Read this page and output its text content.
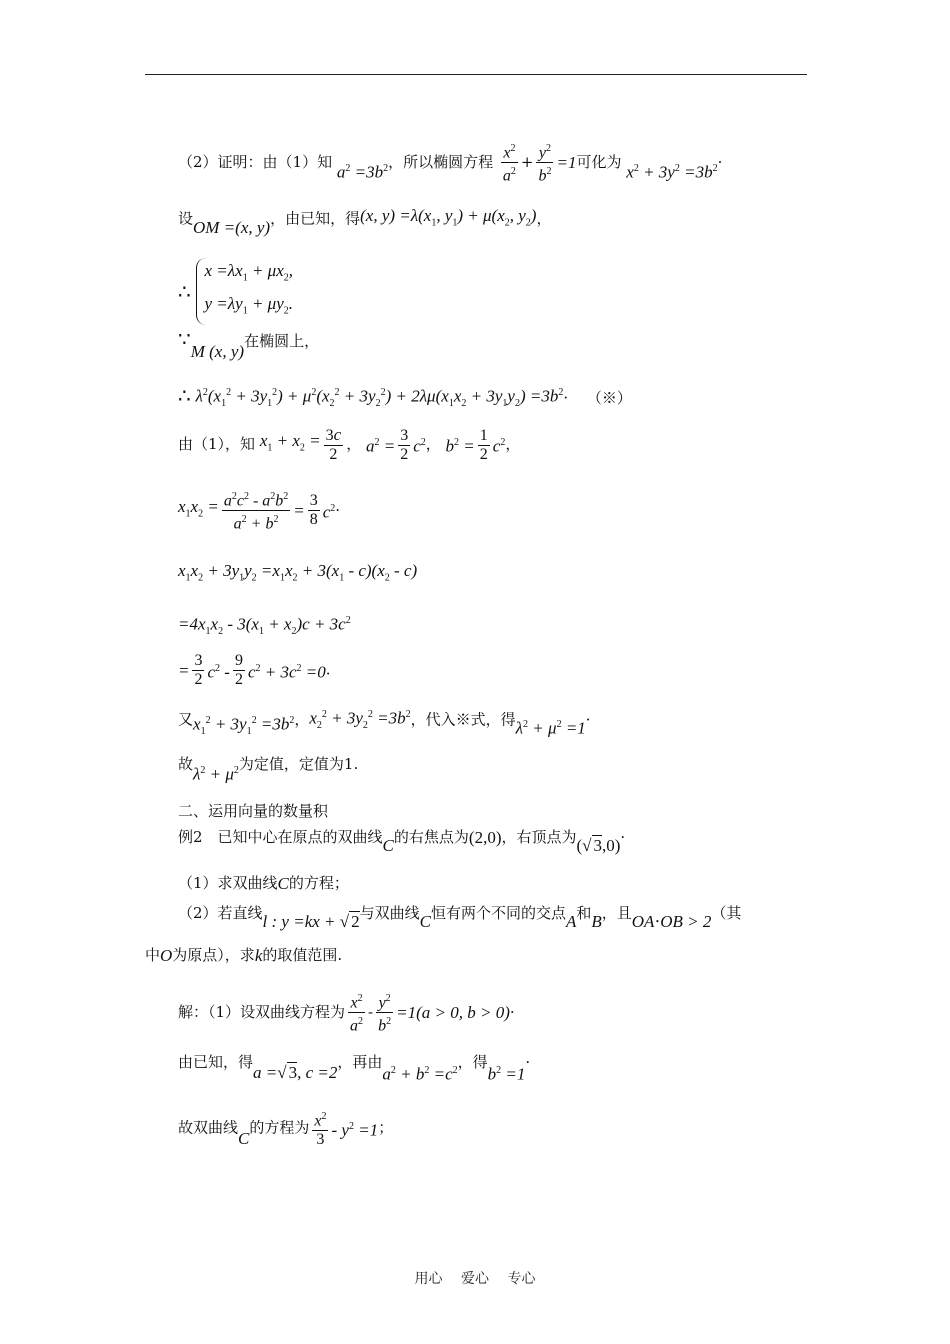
（2）证明：由（1）知 $a^2 =3b^2$，所以椭圆方程 $\frac{x^2}{a^2} + \frac{y^2}{b^2} =1$可化为 $x^2 + 3y^2 =3b^2\cdot$
设OM =(x, y)，由已知，得(x, $y) =\lambda(x_1$, $y_1) + \mu(x_2$, $y_2$)，
∴ $x =\lambda x_1 + \mu x_2$,
$y =\lambda y_1 + \mu y_2$.
∵M (x, y)在椭圆上，
∴ $\lambda^2(x_1^2 + 3y_1^2) + \mu^2(x_2^2 + 3y_2^2) + 2\lambda\mu(x_1x_2 + 3y_1y_2) =3b^2\cdot$ （※）
由（1），知 $x_1 + x_2 = \frac{3c}{2}$ ， $a^2 = \frac{3}{2} c^2$， $b^2 = \frac{1}{2} c^2$，
$x_1x_2 = \frac{a^2c^2 - a^2b^2}{a^2 + b^2} = \frac{3}{8} c^2\cdot$
$x_1x_2 + 3y_1y_2 =x_1x_2 + 3(x_1 - c)(x_2 - c)$
$=4x_1x_2 - 3(x_1 + x_2)c + 3c^2$
= $\frac{3}{2} c^2 - \frac{9}{2} c^2 + 3c^2 =0$.
又$x_1^2 + 3y_1^2 =3b^2$，$x_2^2 + 3y_2^2 =3b^2$，代入※式，得$\lambda^2 + \mu^2 =1\cdot$
故$\lambda^2 + \mu^2$为定值，定值为1.
二、运用向量的数量积
例2　已知中心在原点的双曲线C的右焦点为(2,0)，右顶点为(√ 3,0)·
（1）求双曲线C的方程；
（2）若直线l : y =kx + √ 2与双曲线C恒有两个不同的交点A和B，且OA⋅OB > 2（其
中O为原点），求k的取值范围.
解：（1）设双曲线方程为 $\frac{x^2}{a^2} - \frac{y^2}{b^2} =1(a > 0$, b > 0)·
由已知，得a =√ 3, c =2，再由$a^2 + b^2 =c^2$，得$b^2 =1\cdot$
故双曲线C的方程为 $\frac{x^2}{3} - y^2 =1$；
用心 爱心 专心
